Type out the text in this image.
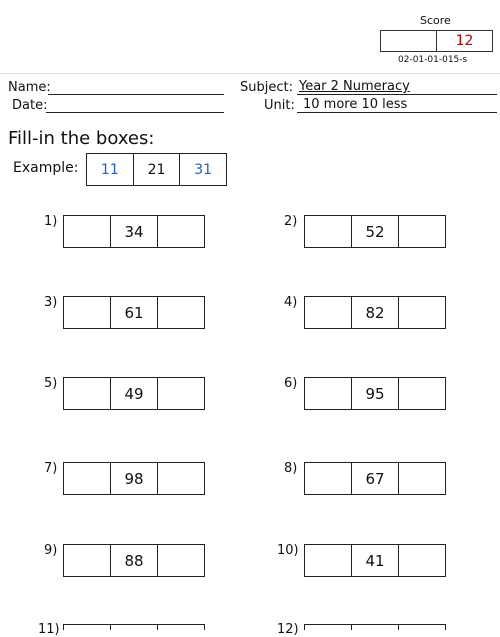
Score
12
02-01-01-015-s
Name:
Date:
Subject: Year 2 Numeracy
Unit: 10 more 10 less
Fill-in the boxes:
Example:	11	21	31
1)
34
2)
52
3)
61
4)
82
5)
49
6)
95
7)
98
8)
67
9)
88
10)
41
11)	12)
